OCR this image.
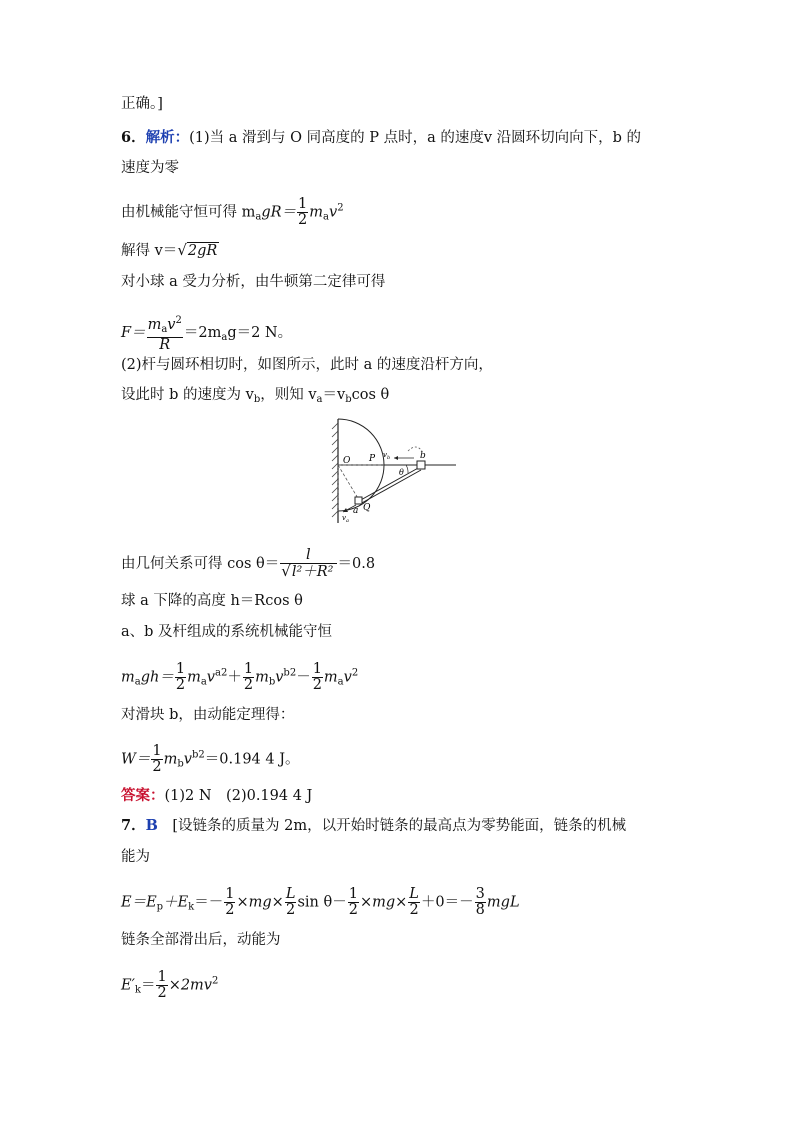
正确。]
6．解析：(1)当 a 滑到与 O 同高度的 P 点时，a 的速度v 沿圆环切向向下，b 的
速度为零
由机械能守恒可得 $m_agR= \frac{1}{2} m_av^2$
解得 v＝√2gR
对小球 a 受力分析，由牛顿第二定律可得
$F= \frac{m_av^2}{R} =2m_ag=2$ N。
(2)杆与圆环相切时，如图所示，此时 a 的速度沿杆方向，
设此时 b 的速度为 $v_b$，则知 $v_a=v_b\cos$ θ
O P $v_b$	b
θ
a Q
$v_a$
由几何关系可得 $\cos \theta= \frac{l}{\text{√l²＋R²}} =0.8$
球 a 下降的高度 h＝Rcos θ
a、b 及杆组成的系统机械能守恒
$m_agh= \frac{1}{2} m_av^{a2}+ \frac{1}{2} m_bv^{b2}- \frac{1}{2} m_av^2$
对滑块 b，由动能定理得：
$W= \frac{1}{2} m_bv^{b2}=0.194$ 4 J。
答案：(1)2 N　(2)0.194 4 J
7．B　[设链条的质量为 2m，以开始时链条的最高点为零势能面，链条的机械
能为
$E=E_p+E_k=- \frac{1}{2} \times mg\times \frac{L}{2}$ $\sin \theta- \frac{1}{2} \times mg\times \frac{L}{2} +0=- \frac{3}{8}$ mgL
链条全部滑出后，动能为
$E'_k= \frac{1}{2} \times 2mv^2$
